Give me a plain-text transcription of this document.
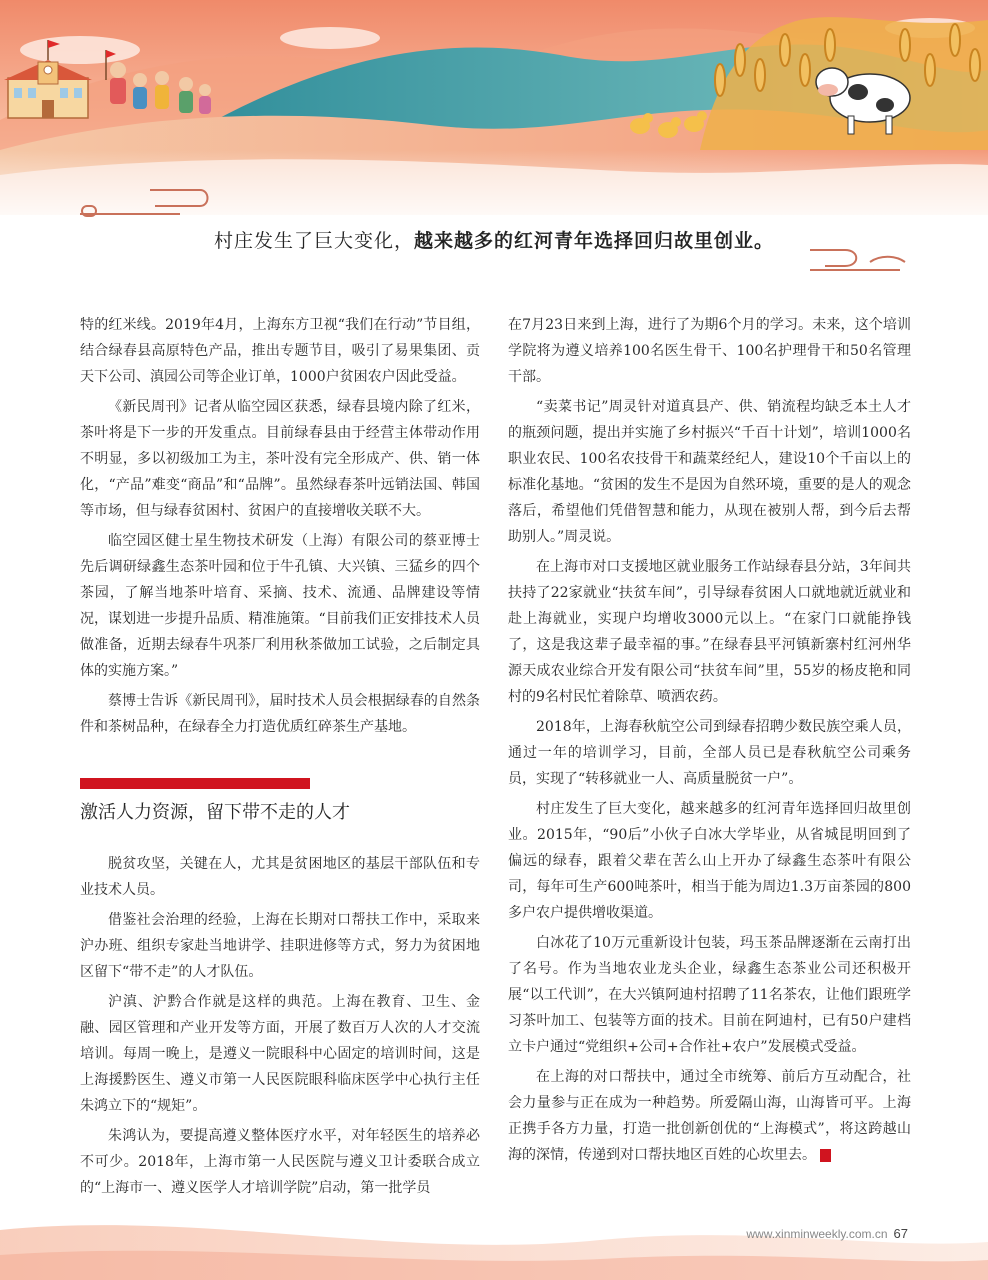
村庄发生了巨大变化，越来越多的红河青年选择回归故里创业。

特的红米线。2019年4月，上海东方卫视“我们在行动”节目组，结合绿春县高原特色产品，推出专题节目，吸引了易果集团、贡天下公司、滇园公司等企业订单，1000户贫困农户因此受益。

《新民周刊》记者从临空园区获悉，绿春县境内除了红米，茶叶将是下一步的开发重点。目前绿春县由于经营主体带动作用不明显，多以初级加工为主，茶叶没有完全形成产、供、销一体化，“产品”难变“商品”和“品牌”。虽然绿春茶叶远销法国、韩国等市场，但与绿春贫困村、贫困户的直接增收关联不大。

临空园区健士星生物技术研发（上海）有限公司的蔡亚博士先后调研绿鑫生态茶叶园和位于牛孔镇、大兴镇、三猛乡的四个茶园，了解当地茶叶培育、采摘、技术、流通、品牌建设等情况，谋划进一步提升品质、精准施策。“目前我们正安排技术人员做准备，近期去绿春牛巩茶厂利用秋茶做加工试验，之后制定具体的实施方案。”

蔡博士告诉《新民周刊》，届时技术人员会根据绿春的自然条件和茶树品种，在绿春全力打造优质红碎茶生产基地。

激活人力资源，留下带不走的人才

脱贫攻坚，关键在人，尤其是贫困地区的基层干部队伍和专业技术人员。

借鉴社会治理的经验，上海在长期对口帮扶工作中，采取来沪办班、组织专家赴当地讲学、挂职进修等方式，努力为贫困地区留下“带不走”的人才队伍。

沪滇、沪黔合作就是这样的典范。上海在教育、卫生、金融、园区管理和产业开发等方面，开展了数百万人次的人才交流培训。每周一晚上，是遵义一院眼科中心固定的培训时间，这是上海援黔医生、遵义市第一人民医院眼科临床医学中心执行主任朱鸿立下的“规矩”。

朱鸿认为，要提高遵义整体医疗水平，对年轻医生的培养必不可少。2018年，上海市第一人民医院与遵义卫计委联合成立的“上海市一、遵义医学人才培训学院”启动，第一批学员

在7月23日来到上海，进行了为期6个月的学习。未来，这个培训学院将为遵义培养100名医生骨干、100名护理骨干和50名管理干部。

“卖菜书记”周灵针对道真县产、供、销流程均缺乏本土人才的瓶颈问题，提出并实施了乡村振兴“千百十计划”，培训1000名职业农民、100名农技骨干和蔬菜经纪人，建设10个千亩以上的标准化基地。“贫困的发生不是因为自然环境，重要的是人的观念落后，希望他们凭借智慧和能力，从现在被别人帮，到今后去帮助别人。”周灵说。

在上海市对口支援地区就业服务工作站绿春县分站，3年间共扶持了22家就业“扶贫车间”，引导绿春贫困人口就地就近就业和赴上海就业，实现户均增收3000元以上。“在家门口就能挣钱了，这是我这辈子最幸福的事。”在绿春县平河镇新寨村红河州华源天成农业综合开发有限公司“扶贫车间”里，55岁的杨皮艳和同村的9名村民忙着除草、喷洒农药。

2018年，上海春秋航空公司到绿春招聘少数民族空乘人员，通过一年的培训学习，目前，全部人员已是春秋航空公司乘务员，实现了“转移就业一人、高质量脱贫一户”。

村庄发生了巨大变化，越来越多的红河青年选择回归故里创业。2015年，“90后”小伙子白冰大学毕业，从省城昆明回到了偏远的绿春，跟着父辈在苦么山上开办了绿鑫生态茶叶有限公司，每年可生产600吨茶叶，相当于能为周边1.3万亩茶园的800多户农户提供增收渠道。

白冰花了10万元重新设计包装，玛玉茶品牌逐渐在云南打出了名号。作为当地农业龙头企业，绿鑫生态茶业公司还积极开展“以工代训”，在大兴镇阿迪村招聘了11名茶农，让他们跟班学习茶叶加工、包装等方面的技术。目前在阿迪村，已有50户建档立卡户通过“党组织+公司+合作社+农户”发展模式受益。

在上海的对口帮扶中，通过全市统筹、前后方互动配合，社会力量参与正在成为一种趋势。所爱隔山海，山海皆可平。上海正携手各方力量，打造一批创新创优的“上海模式”，将这跨越山海的深情，传递到对口帮扶地区百姓的心坎里去。	民

www.xinminweekly.com.cn 67
